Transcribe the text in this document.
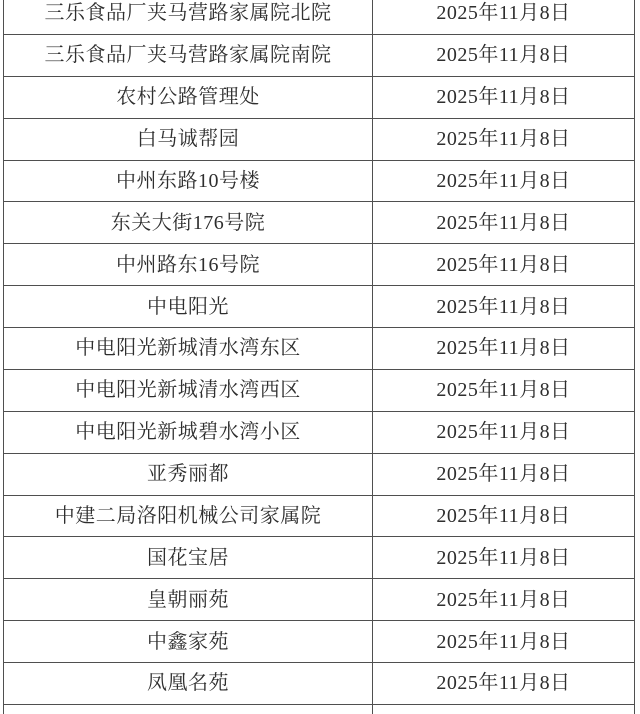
三乐食品厂夹马营路家属院北院	2025年11月8日
三乐食品厂夹马营路家属院南院	2025年11月8日
农村公路管理处	2025年11月8日
白马诚帮园	2025年11月8日
中州东路10号楼	2025年11月8日
东关大街176号院	2025年11月8日
中州路东16号院	2025年11月8日
中电阳光	2025年11月8日
中电阳光新城清水湾东区	2025年11月8日
中电阳光新城清水湾西区	2025年11月8日
中电阳光新城碧水湾小区	2025年11月8日
亚秀丽都	2025年11月8日
中建二局洛阳机械公司家属院	2025年11月8日
国花宝居	2025年11月8日
皇朝丽苑	2025年11月8日
中鑫家苑	2025年11月8日
凤凰名苑	2025年11月8日
